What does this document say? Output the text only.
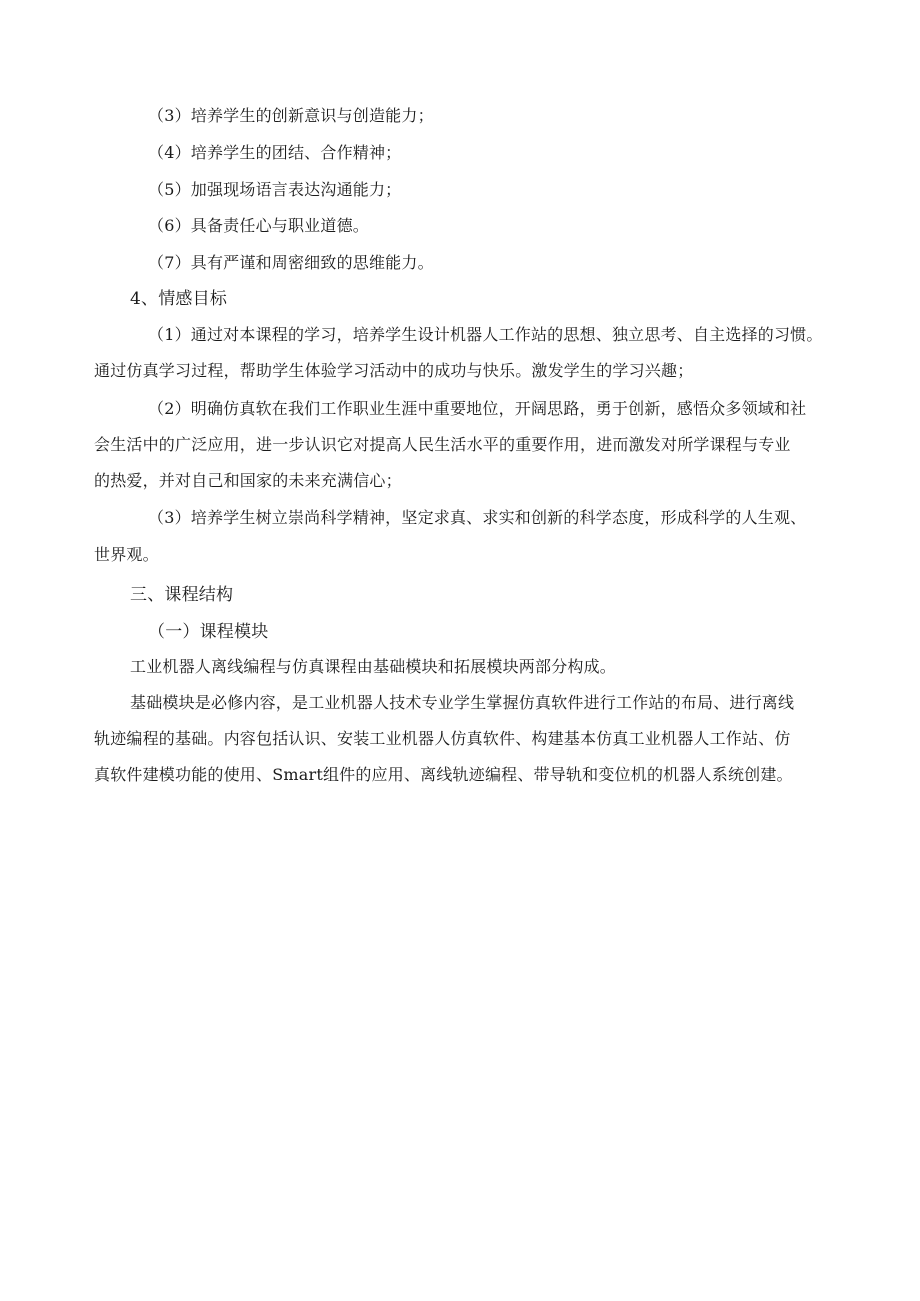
（3）培养学生的创新意识与创造能力；
（4）培养学生的团结、合作精神；
（5）加强现场语言表达沟通能力；
（6）具备责任心与职业道德。
（7）具有严谨和周密细致的思维能力。
4、情感目标
（1）通过对本课程的学习，培养学生设计机器人工作站的思想、独立思考、自主选择的习惯。
通过仿真学习过程，帮助学生体验学习活动中的成功与快乐。激发学生的学习兴趣；
（2）明确仿真软在我们工作职业生涯中重要地位，开阔思路，勇于创新，感悟众多领域和社
会生活中的广泛应用，进一步认识它对提高人民生活水平的重要作用，进而激发对所学课程与专业
的热爱，并对自己和国家的未来充满信心；
（3）培养学生树立崇尚科学精神，坚定求真、求实和创新的科学态度，形成科学的人生观、
世界观。
三、课程结构
（一）课程模块
工业机器人离线编程与仿真课程由基础模块和拓展模块两部分构成。
基础模块是必修内容，是工业机器人技术专业学生掌握仿真软件进行工作站的布局、进行离线
轨迹编程的基础。内容包括认识、安装工业机器人仿真软件、构建基本仿真工业机器人工作站、仿
真软件建模功能的使用、Smart组件的应用、离线轨迹编程、带导轨和变位机的机器人系统创建。
